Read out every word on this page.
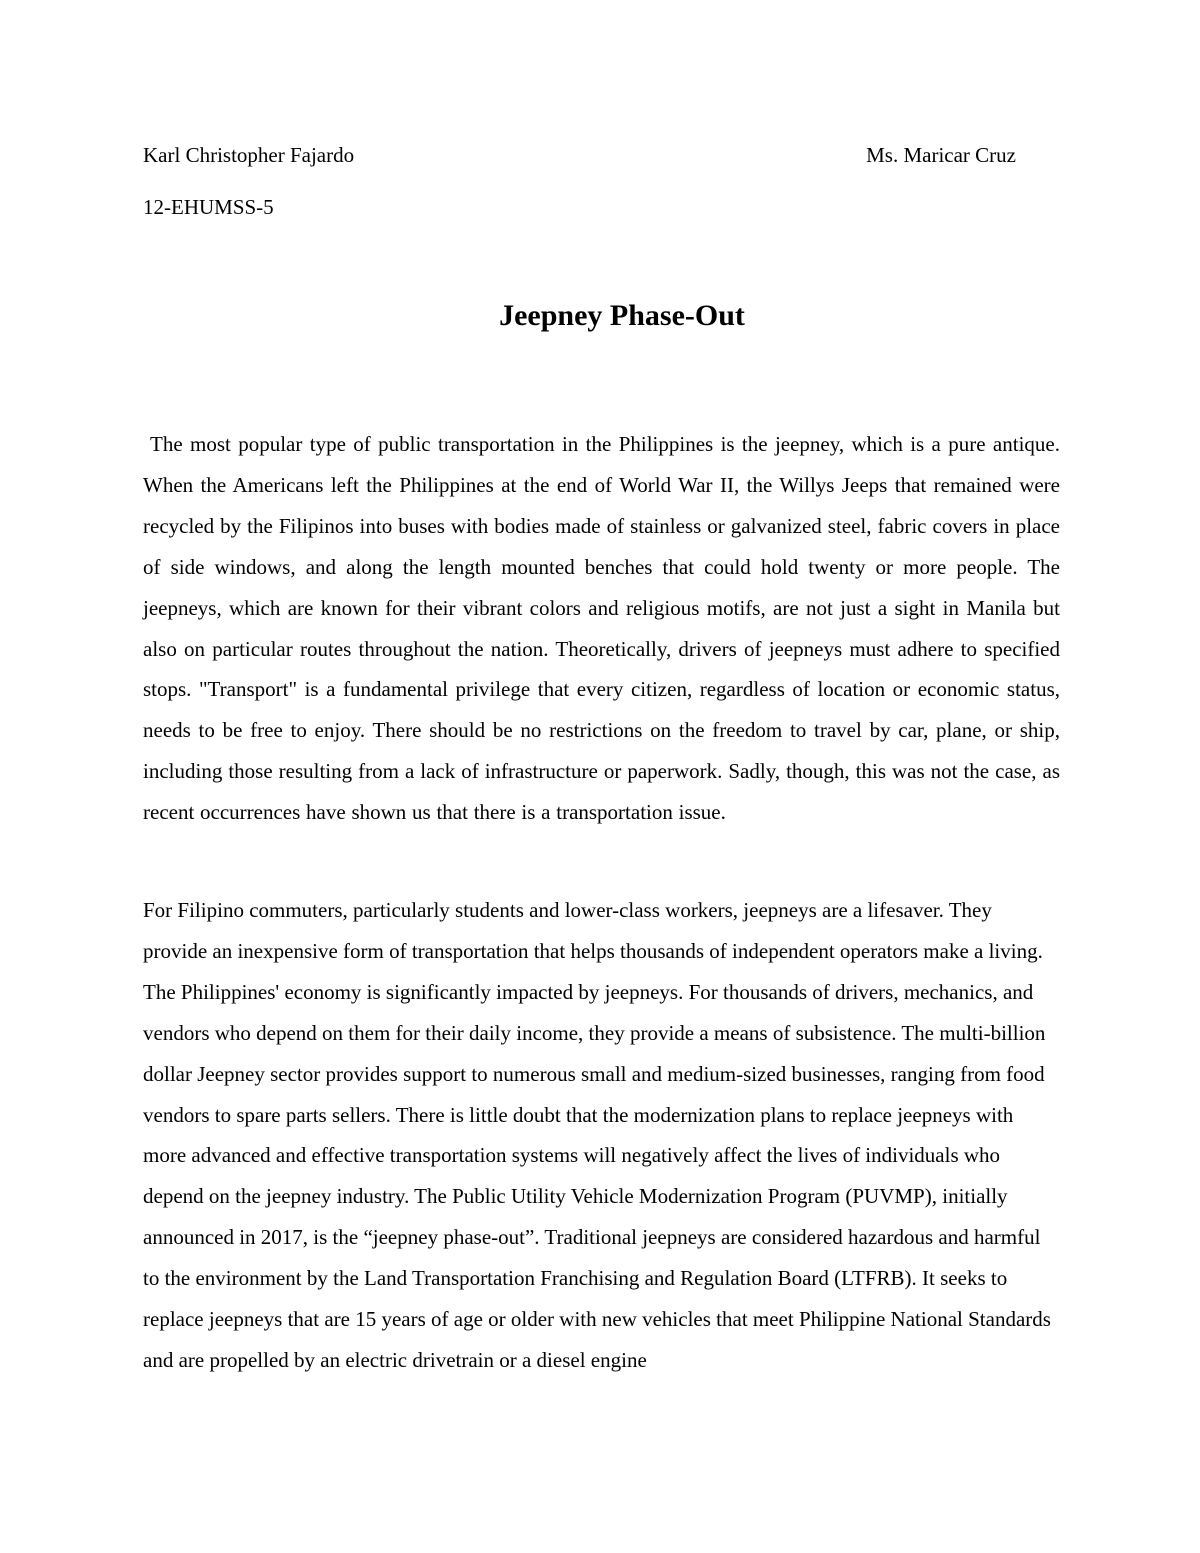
Karl Christopher Fajardo	Ms. Maricar Cruz
12-EHUMSS-5
Jeepney Phase-Out

The most popular type of public transportation in the Philippines is the jeepney, which is a pure antique. When the Americans left the Philippines at the end of World War II, the Willys Jeeps that remained were recycled by the Filipinos into buses with bodies made of stainless or galvanized steel, fabric covers in place of side windows, and along the length mounted benches that could hold twenty or more people. The jeepneys, which are known for their vibrant colors and religious motifs, are not just a sight in Manila but also on particular routes throughout the nation. Theoretically, drivers of jeepneys must adhere to specified stops. "Transport" is a fundamental privilege that every citizen, regardless of location or economic status, needs to be free to enjoy. There should be no restrictions on the freedom to travel by car, plane, or ship, including those resulting from a lack of infrastructure or paperwork. Sadly, though, this was not the case, as recent occurrences have shown us that there is a transportation issue.

For Filipino commuters, particularly students and lower-class workers, jeepneys are a lifesaver. They provide an inexpensive form of transportation that helps thousands of independent operators make a living. The Philippines' economy is significantly impacted by jeepneys. For thousands of drivers, mechanics, and vendors who depend on them for their daily income, they provide a means of subsistence. The multi-billion dollar Jeepney sector provides support to numerous small and medium-sized businesses, ranging from food vendors to spare parts sellers. There is little doubt that the modernization plans to replace jeepneys with more advanced and effective transportation systems will negatively affect the lives of individuals who depend on the jeepney industry. The Public Utility Vehicle Modernization Program (PUVMP), initially announced in 2017, is the “jeepney phase-out”. Traditional jeepneys are considered hazardous and harmful to the environment by the Land Transportation Franchising and Regulation Board (LTFRB). It seeks to replace jeepneys that are 15 years of age or older with new vehicles that meet Philippine National Standards and are propelled by an electric drivetrain or a diesel engine
